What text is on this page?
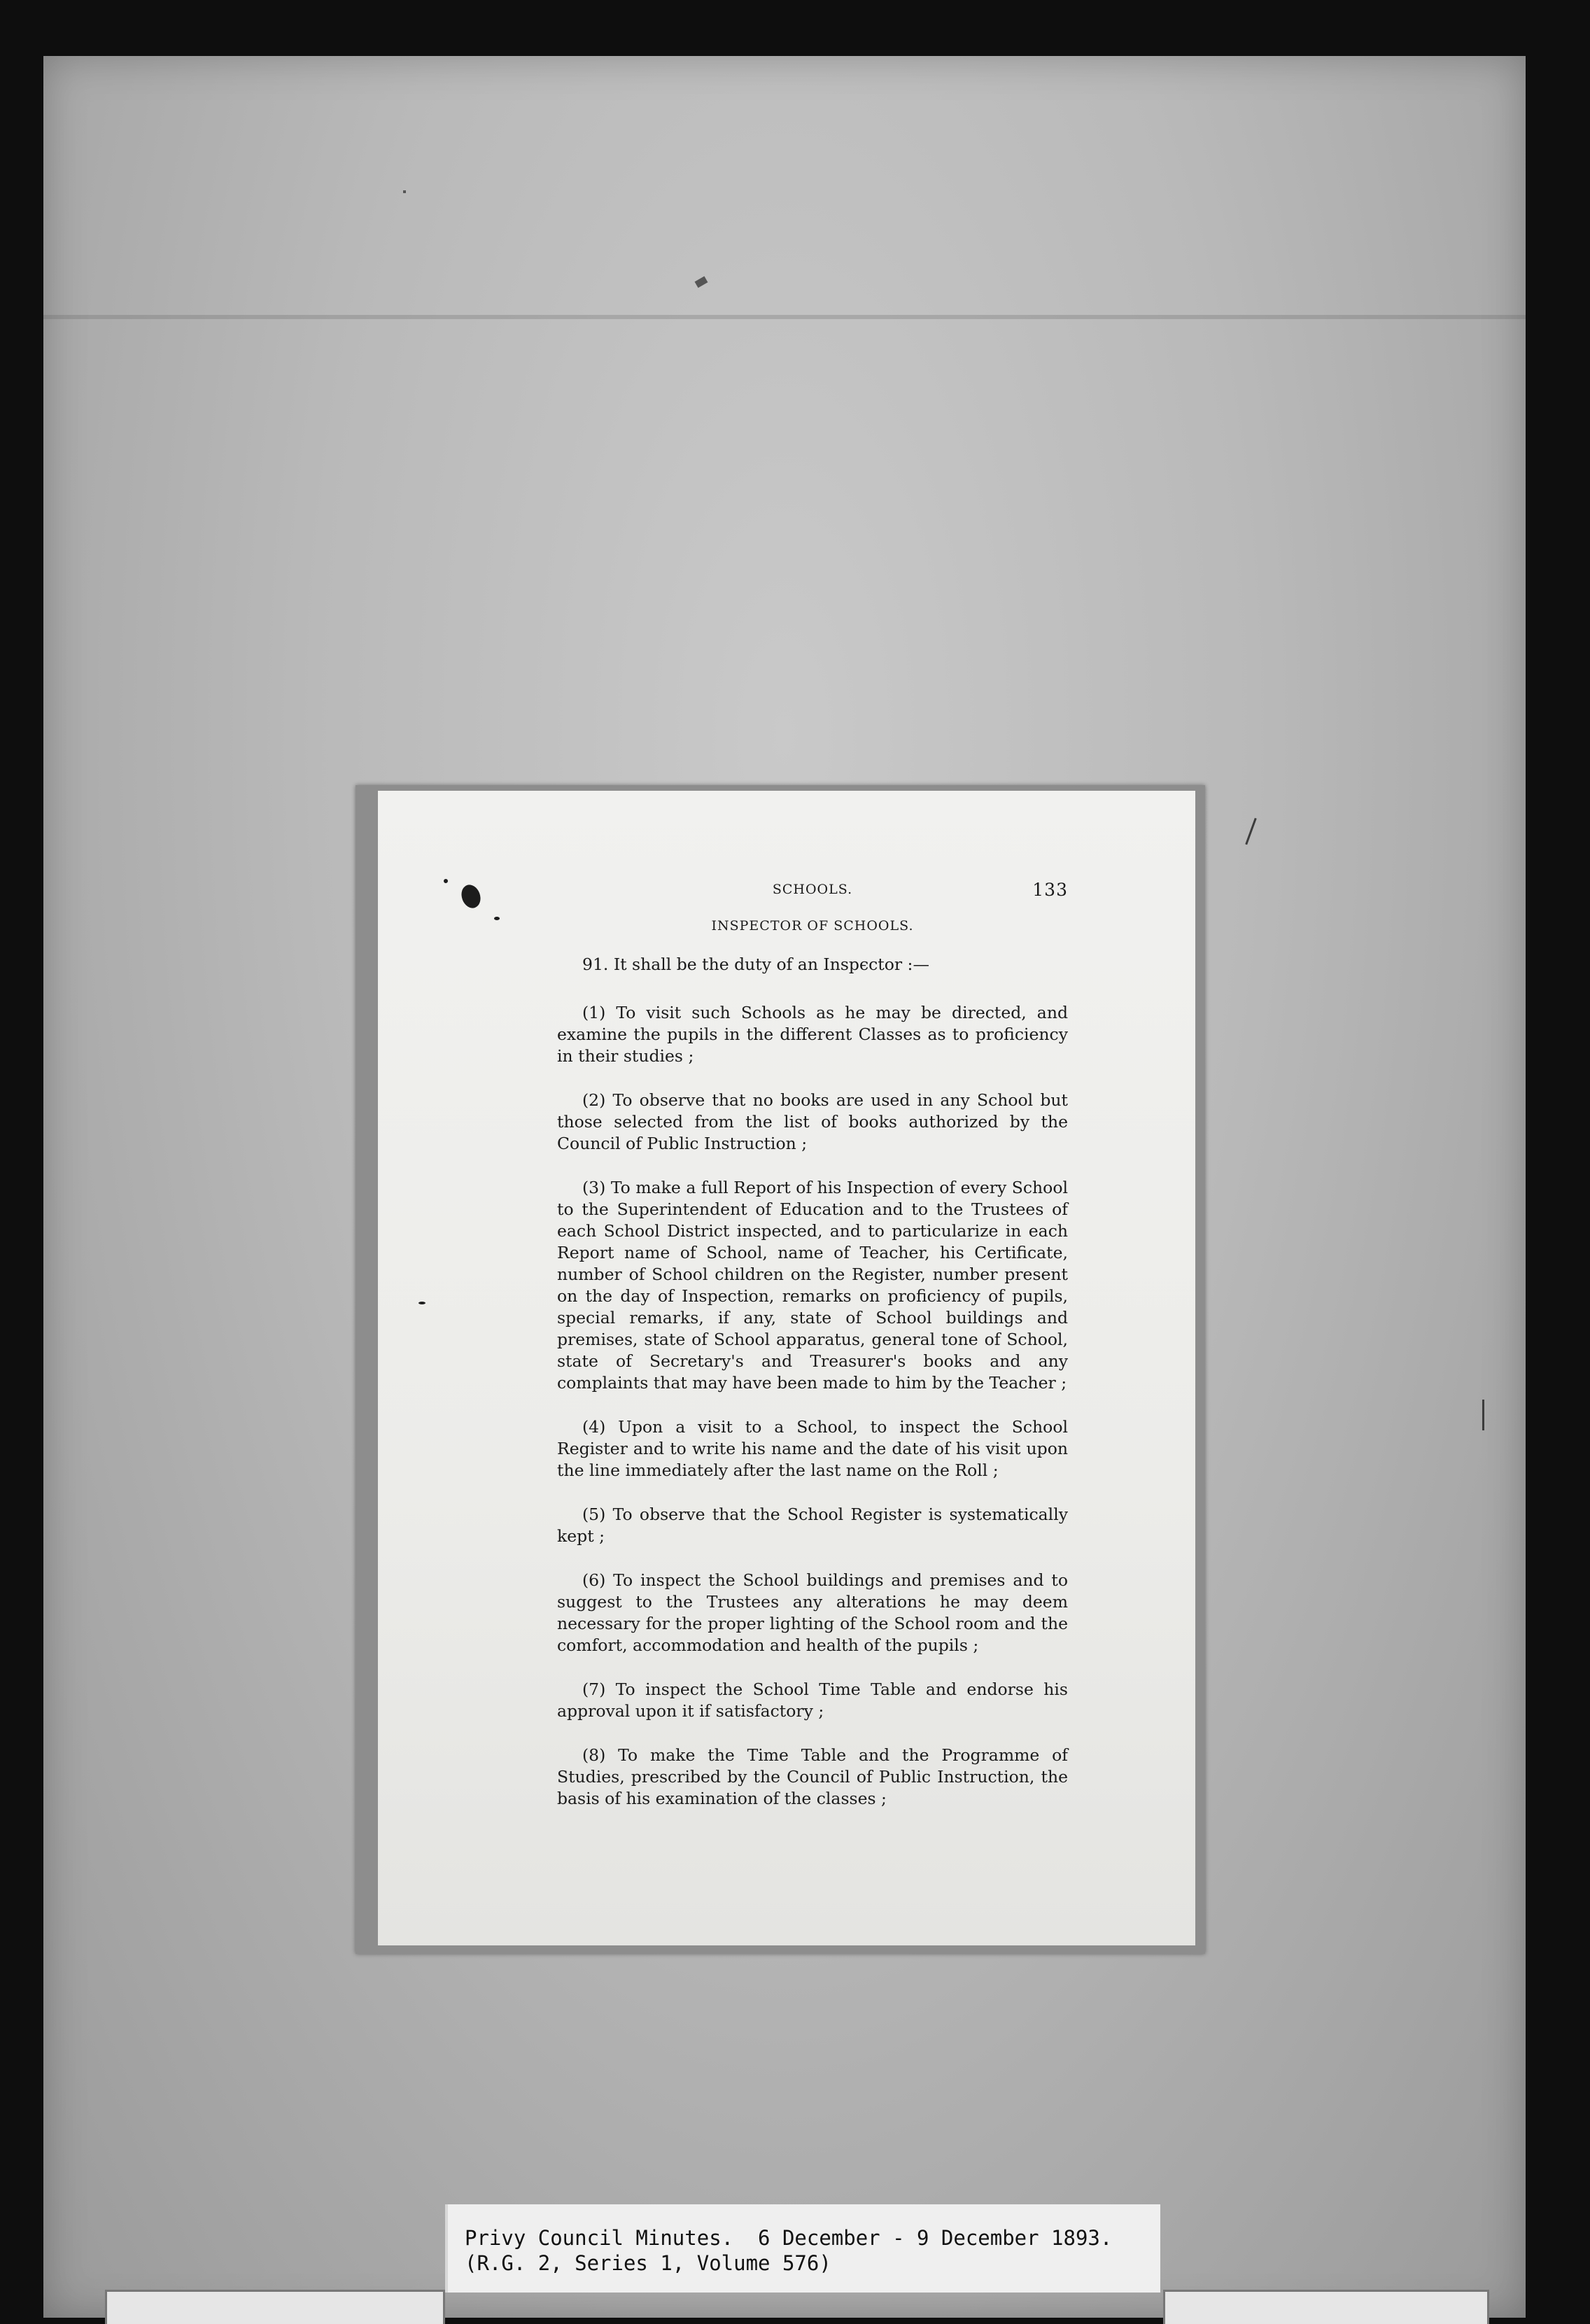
SCHOOLS.	133
INSPECTOR OF SCHOOLS.

91. It shall be the duty of an Inspϵctor :—

(1) To visit such Schools as he may be directed, and examine the pupils in the different Classes as to proficiency in their studies ;

(2) To observe that no books are used in any School but those selected from the list of books authorized by the Council of Public Instruction ;

(3) To make a full Report of his Inspection of every School to the Superintendent of Education and to the Trustees of each School District inspected, and to particularize in each Report name of School, name of Teacher, his Certificate, number of School children on the Register, number present on the day of Inspection, remarks on proficiency of pupils, special remarks, if any, state of School buildings and premises, state of School apparatus, general tone of School, state of Secretary's and Treasurer's books and any complaints that may have been made to him by the Teacher ;

(4) Upon a visit to a School, to inspect the School Register and to write his name and the date of his visit upon the line immediately after the last name on the Roll ;

(5) To observe that the School Register is systematically kept ;

(6) To inspect the School buildings and premises and to suggest to the Trustees any alterations he may deem necessary for the proper lighting of the School room and the comfort, accommodation and health of the pupils ;

(7) To inspect the School Time Table and endorse his approval upon it if satisfactory ;

(8) To make the Time Table and the Programme of Studies, prescribed by the Council of Public Instruction, the basis of his examination of the classes ;

Privy Council Minutes.  6 December - 9 December 1893.
(R.G. 2, Series 1, Volume 576)
